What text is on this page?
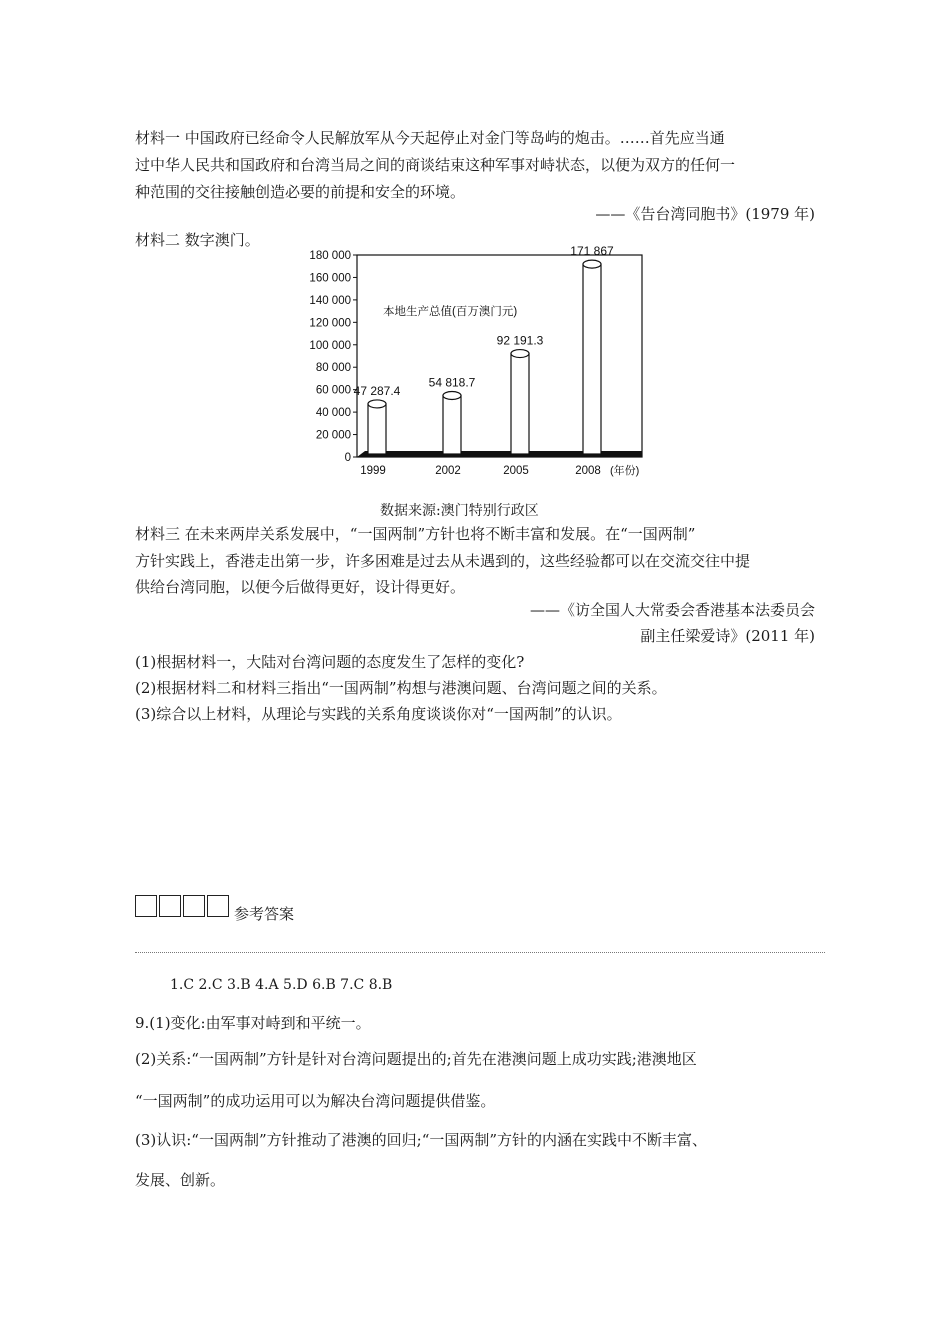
材料一 中国政府已经命令人民解放军从今天起停止对金门等岛屿的炮击。……首先应当通
过中华人民共和国政府和台湾当局之间的商谈结束这种军事对峙状态，以便为双方的任何一
种范围的交往接触创造必要的前提和安全的环境。
——《告台湾同胞书》(1979 年)
材料二 数字澳门。
0
20 000
40 000
60 000
80 000
100 000
120 000
140 000
160 000
180 000
47 287.4
54 818.7
92 191.3
171 867
1999	2002	2005	2008
本地生产总值(百万澳门元)
(年份)
数据来源:澳门特别行政区
材料三 在未来两岸关系发展中，“一国两制”方针也将不断丰富和发展。在“一国两制”
方针实践上，香港走出第一步，许多困难是过去从未遇到的，这些经验都可以在交流交往中提
供给台湾同胞，以便今后做得更好，设计得更好。
——《访全国人大常委会香港基本法委员会
副主任梁爱诗》(2011 年)
(1)根据材料一，大陆对台湾问题的态度发生了怎样的变化?
(2)根据材料二和材料三指出“一国两制”构想与港澳问题、台湾问题之间的关系。
(3)综合以上材料，从理论与实践的关系角度谈谈你对“一国两制”的认识。
参考答案
1.C 2.C 3.B 4.A 5.D 6.B 7.C 8.B
9.(1)变化:由军事对峙到和平统一。
(2)关系:“一国两制”方针是针对台湾问题提出的;首先在港澳问题上成功实践;港澳地区
“一国两制”的成功运用可以为解决台湾问题提供借鉴。
(3)认识:“一国两制”方针推动了港澳的回归;“一国两制”方针的内涵在实践中不断丰富、
发展、创新。
